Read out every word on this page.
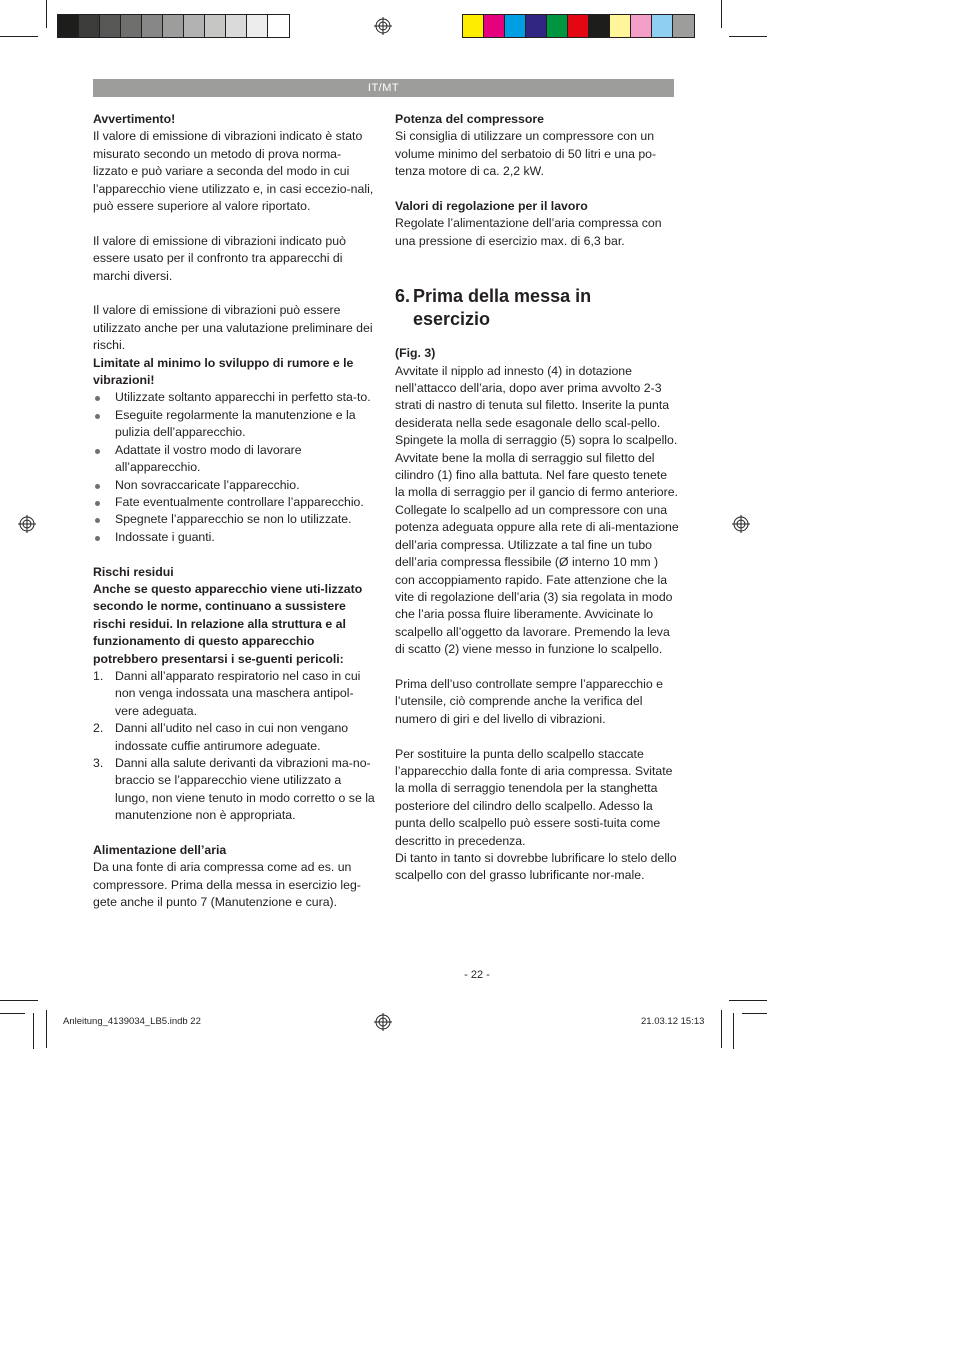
IT/MT

Avvertimento!

Il valore di emissione di vibrazioni indicato è stato misurato secondo un metodo di prova norma-lizzato e può variare a seconda del modo in cui l’apparecchio viene utilizzato e, in casi eccezio-nali, può essere superiore al valore riportato.

Il valore di emissione di vibrazioni indicato può essere usato per il confronto tra apparecchi di marchi diversi.

Il valore di emissione di vibrazioni può essere utilizzato anche per una valutazione preliminare dei rischi.

Limitate al minimo lo sviluppo di rumore e le vibrazioni!

Utilizzate soltanto apparecchi in perfetto sta-to.
Eseguite regolarmente la manutenzione e la pulizia dell’apparecchio.
Adattate il vostro modo di lavorare all’apparecchio.
Non sovraccaricate l’apparecchio.
Fate eventualmente controllare l’apparecchio.
Spegnete l’apparecchio se non lo utilizzate.
Indossate i guanti.

Rischi residui

Anche se questo apparecchio viene uti-lizzato secondo le norme, continuano a sussistere rischi residui. In relazione alla struttura e al funzionamento di questo apparecchio potrebbero presentarsi i se-guenti pericoli:

1. Danni all’apparato respiratorio nel caso in cui non venga indossata una maschera antipol-vere adeguata.
2. Danni all’udito nel caso in cui non vengano indossate cuffie antirumore adeguate.
3. Danni alla salute derivanti da vibrazioni ma-no-braccio se l’apparecchio viene utilizzato a lungo, non viene tenuto in modo corretto o se la manutenzione non è appropriata.

Alimentazione dell’aria

Da una fonte di aria compressa come ad es. un compressore. Prima della messa in esercizio leg-gete anche il punto 7 (Manutenzione e cura).

Potenza del compressore

Si consiglia di utilizzare un compressore con un volume minimo del serbatoio di 50 litri e una po-tenza motore di ca. 2,2 kW.

Valori di regolazione per il lavoro

Regolate l’alimentazione dell’aria compressa con una pressione di esercizio max. di 6,3 bar.

6. Prima della messa in
esercizio

(Fig. 3)

Avvitate il nipplo ad innesto (4) in dotazione nell’attacco dell’aria, dopo aver prima avvolto 2-3 strati di nastro di tenuta sul filetto. Inserite la punta desiderata nella sede esagonale dello scal-pello. Spingete la molla di serraggio (5) sopra lo scalpello. Avvitate bene la molla di serraggio sul filetto del cilindro (1) fino alla battuta. Nel fare questo tenete la molla di serraggio per il gancio di fermo anteriore.

Collegate lo scalpello ad un compressore con una potenza adeguata oppure alla rete di ali-mentazione dell’aria compressa. Utilizzate a tal fine un tubo dell’aria compressa flessibile (Ø interno 10 mm ) con accoppiamento rapido. Fate attenzione che la vite di regolazione dell’aria (3) sia regolata in modo che l’aria possa fluire liberamente. Avvicinate lo scalpello all’oggetto da lavorare. Premendo la leva di scatto (2) viene messo in funzione lo scalpello.

Prima dell’uso controllate sempre l’apparecchio e l’utensile, ciò comprende anche la verifica del numero di giri e del livello di vibrazioni.

Per sostituire la punta dello scalpello staccate l’apparecchio dalla fonte di aria compressa. Svitate la molla di serraggio tenendola per la stanghetta posteriore del cilindro dello scalpello. Adesso la punta dello scalpello può essere sosti-tuita come descritto in precedenza.

Di tanto in tanto si dovrebbe lubrificare lo stelo dello scalpello con del grasso lubrificante nor-male.

- 22 -
Anleitung_4139034_LB5.indb 22	21.03.12 15:13
